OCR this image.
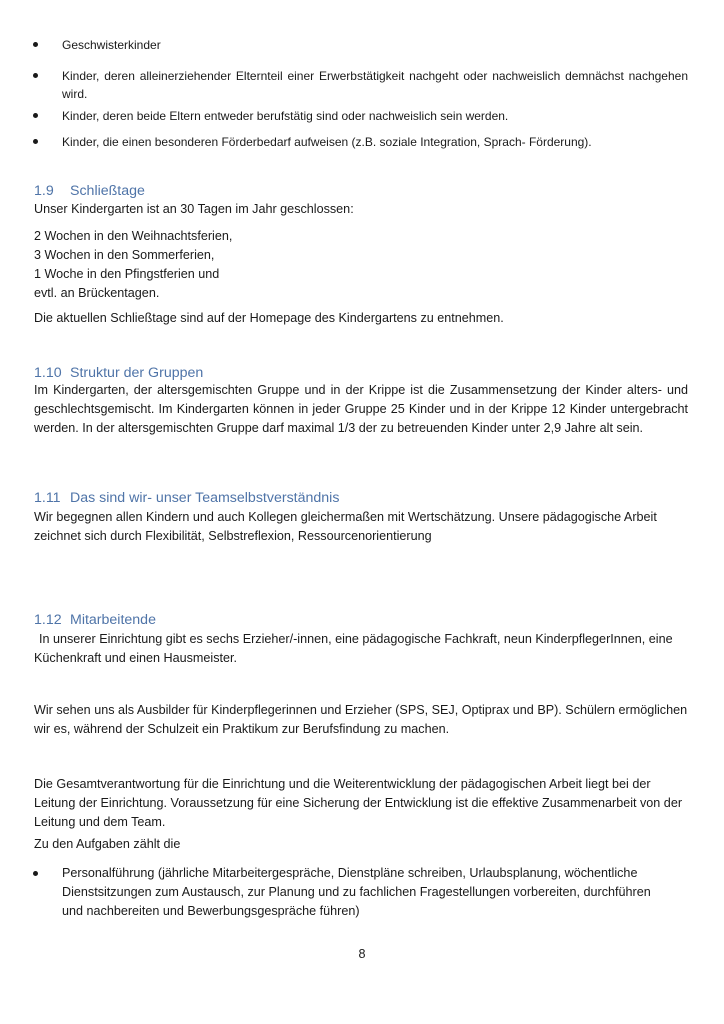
Geschwisterkinder
Kinder, deren alleinerziehender Elternteil einer Erwerbstätigkeit nachgeht oder nachweislich demnächst nachgehen wird.
Kinder, deren beide Eltern entweder berufstätig sind oder nachweislich sein werden.
Kinder, die einen besonderen Förderbedarf aufweisen (z.B. soziale Integration, Sprach- Förderung).
1.9 Schließtage
Unser Kindergarten ist an 30 Tagen im Jahr geschlossen:
2 Wochen in den Weihnachtsferien,
3 Wochen in den Sommerferien,
1 Woche in den Pfingstferien und
evtl. an Brückentagen.
Die aktuellen Schließtage sind auf der Homepage des Kindergartens zu entnehmen.
1.10 Struktur der Gruppen
Im Kindergarten, der altersgemischten Gruppe und in der Krippe ist die Zusammensetzung der Kinder alters- und geschlechtsgemischt. Im Kindergarten können in jeder Gruppe 25 Kinder und in der Krippe 12 Kinder untergebracht werden. In der altersgemischten Gruppe darf maximal 1/3 der zu betreuenden Kinder unter 2,9 Jahre alt sein.
1.11 Das sind wir- unser Teamselbstverständnis
Wir begegnen allen Kindern und auch Kollegen gleichermaßen mit Wertschätzung. Unsere pädagogische Arbeit zeichnet sich durch Flexibilität, Selbstreflexion, Ressourcenorientierung
1.12 Mitarbeitende
In unserer Einrichtung gibt es sechs Erzieher/-innen, eine pädagogische Fachkraft, neun KinderpflegerInnen, eine Küchenkraft und einen Hausmeister.
Wir sehen uns als Ausbilder für Kinderpflegerinnen und Erzieher (SPS, SEJ, Optiprax und BP). Schülern ermöglichen wir es, während der Schulzeit ein Praktikum zur Berufsfindung zu machen.
Die Gesamtverantwortung für die Einrichtung und die Weiterentwicklung der pädagogischen Arbeit liegt bei der Leitung der Einrichtung. Voraussetzung für eine Sicherung der Entwicklung ist die effektive Zusammenarbeit von der Leitung und dem Team.
Zu den Aufgaben zählt die
Personalführung (jährliche Mitarbeitergespräche, Dienstpläne schreiben, Urlaubsplanung, wöchentliche Dienstsitzungen zum Austausch, zur Planung und zu fachlichen Fragestellungen vorbereiten, durchführen und nachbereiten und Bewerbungsgespräche führen)
8
